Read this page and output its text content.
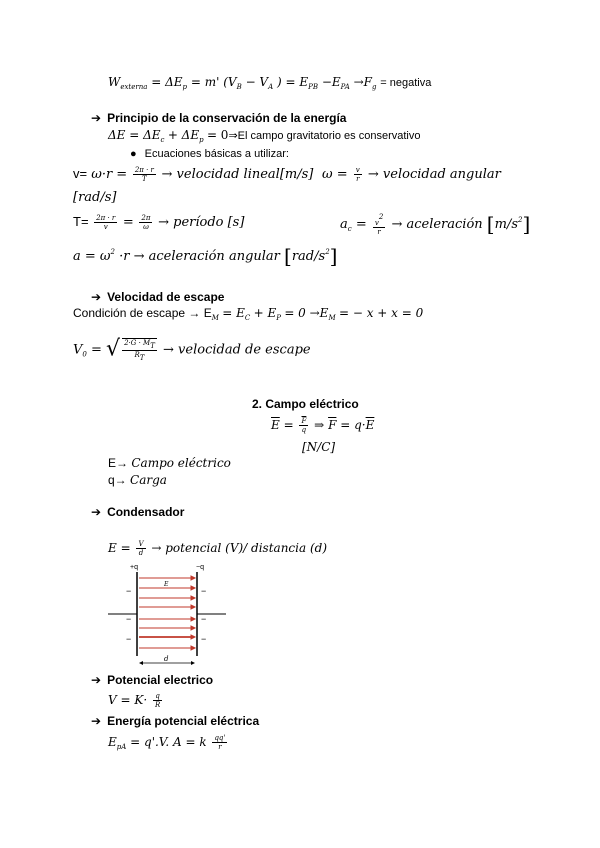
$W_{externa} = \Delta E_p = m'$ ($V_B - V_A$ ) = $E_{PB} -E_{PA} \to F_g$ = negativa
➔ Principio de la conservación de la energía
$\Delta E = \Delta E_c + \Delta E_p$ = 0⇒El campo gravitatorio es conservativo
● Ecuaciones básicas a utilizar:
$v= \omega\cdot r = \frac{2\pi \cdot r}{T}$ → velocidad lineal[m/s] $\omega = \frac{v}{r}$ → velocidad angular
[rad/s]
$T= \frac{2\pi \cdot r}{v} = \frac{2\pi}{\omega}$ → período [s]	$a_c = \frac{v^2}{r}$ → aceleración $[m/s^2]$
$a = \omega^2 \cdot r$ → aceleración angular $[rad/s^2]$
➔ Velocidad de escape
Condición de escape → $E_M = E_C + E_P = 0 \to E_M$ = − x + x = 0
$V_0$ = √ $\frac{2\cdot G \cdot MT}{RT}$ → velocidad de escape
2. Campo eléctrico
$\overline{E} = \frac{\overline{F}}{q}$ ⇒ $\overline{F} = q\cdot\overline{E}$
[N/C]
E→ Campo eléctrico
q→ Carga
➔ Condensador
$E = \frac{V}{d}$ → potencial (V)/ distancia (d)
+q	−q
E
−
−
−
−
−
−
d
➔ Potencial electrico
$V = K\cdot \frac{q}{R}$
➔ Energía potencial eléctrica
$E_{pA} = q'.V$. A = k $\frac{qq'}{r}$
